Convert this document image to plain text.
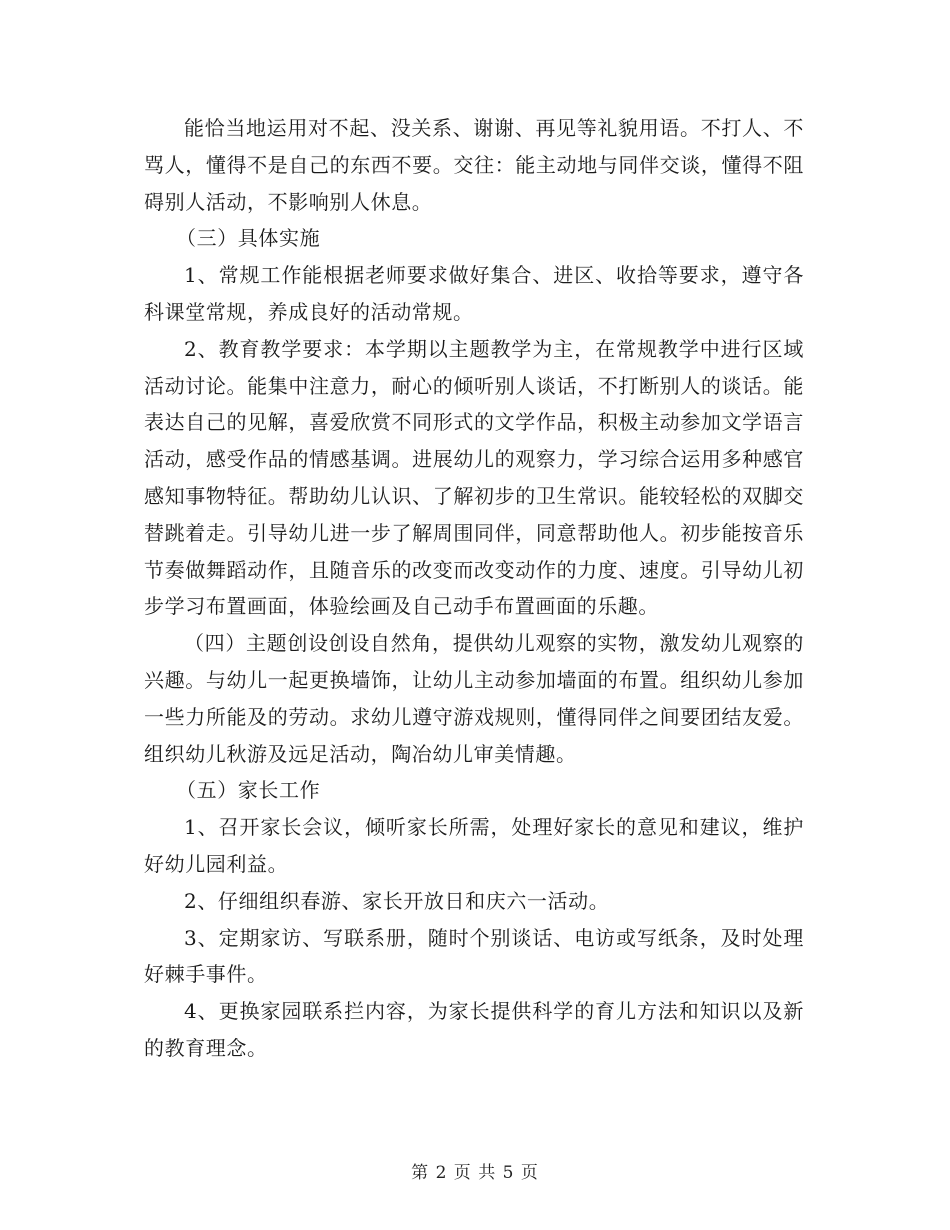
能恰当地运用对不起、没关系、谢谢、再见等礼貌用语。不打人、不骂人，懂得不是自己的东西不要。交往：能主动地与同伴交谈，懂得不阻碍别人活动，不影响别人休息。

（三）具体实施

1、常规工作能根据老师要求做好集合、进区、收拾等要求，遵守各科课堂常规，养成良好的活动常规。

2、教育教学要求：本学期以主题教学为主，在常规教学中进行区域活动讨论。能集中注意力，耐心的倾听别人谈话，不打断别人的谈话。能表达自己的见解，喜爱欣赏不同形式的文学作品，积极主动参加文学语言活动，感受作品的情感基调。进展幼儿的观察力，学习综合运用多种感官感知事物特征。帮助幼儿认识、了解初步的卫生常识。能较轻松的双脚交替跳着走。引导幼儿进一步了解周围同伴，同意帮助他人。初步能按音乐节奏做舞蹈动作，且随音乐的改变而改变动作的力度、速度。引导幼儿初步学习布置画面，体验绘画及自己动手布置画面的乐趣。

（四）主题创设创设自然角，提供幼儿观察的实物，激发幼儿观察的兴趣。与幼儿一起更换墙饰，让幼儿主动参加墙面的布置。组织幼儿参加一些力所能及的劳动。求幼儿遵守游戏规则，懂得同伴之间要团结友爱。组织幼儿秋游及远足活动，陶冶幼儿审美情趣。

（五）家长工作

1、召开家长会议，倾听家长所需，处理好家长的意见和建议，维护好幼儿园利益。

2、仔细组织春游、家长开放日和庆六一活动。

3、定期家访、写联系册，随时个别谈话、电访或写纸条，及时处理好棘手事件。

4、更换家园联系拦内容，为家长提供科学的育儿方法和知识以及新的教育理念。

第 2 页 共 5 页
